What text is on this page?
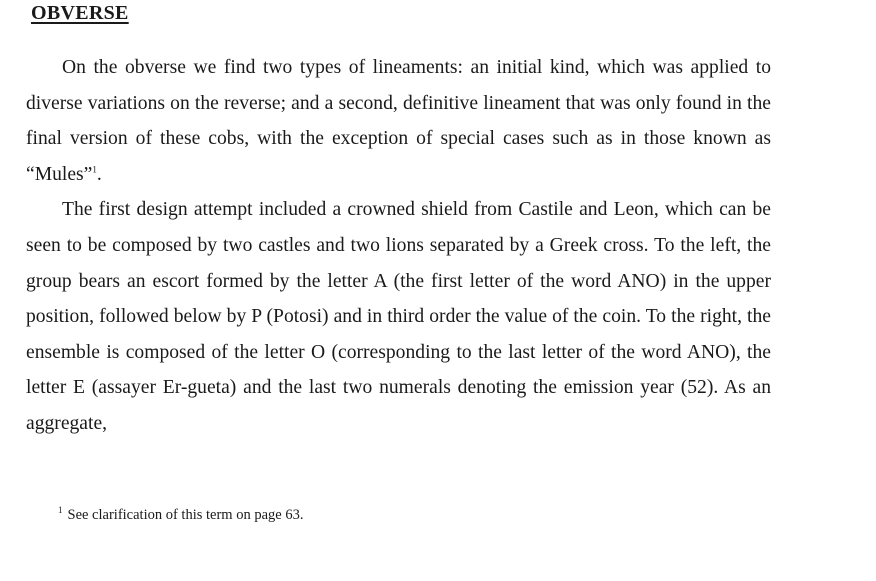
OBVERSE

On the obverse we find two types of lineaments: an initial kind, which was applied to diverse variations on the reverse; and a second, definitive lineament that was only found in the final version of these cobs, with the exception of special cases such as in those known as “Mules”$^1$.

The first design attempt included a crowned shield from Castile and Leon, which can be seen to be composed by two castles and two lions separated by a Greek cross. To the left, the group bears an escort formed by the letter A (the first letter of the word ANO) in the upper position, followed below by P (Potosi) and in third order the value of the coin. To the right, the ensemble is composed of the letter O (corresponding to the last letter of the word ANO), the letter E (assayer Er-gueta) and the last two numerals denoting the emission year (52). As an aggregate,

$^1$ See clarification of this term on page 63.
